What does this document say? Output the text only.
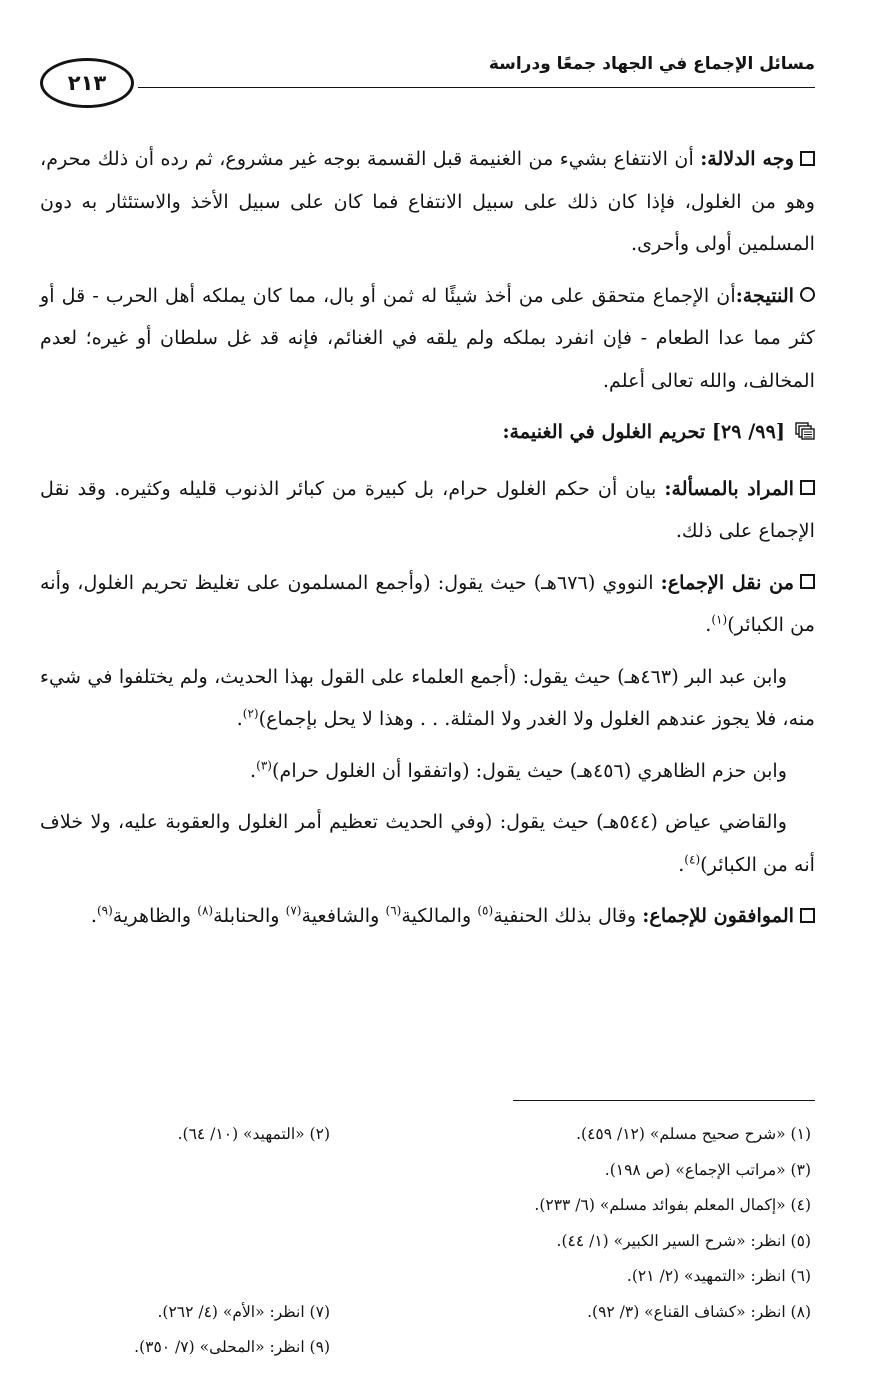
مسائل الإجماع في الجهاد جمعًا ودراسة
٢١٣

وجه الدلالة: أن الانتفاع بشيء من الغنيمة قبل القسمة بوجه غير مشروع، ثم رده أن ذلك محرم، وهو من الغلول، فإذا كان ذلك على سبيل الانتفاع فما كان على سبيل الأخذ والاستئثار به دون المسلمين أولى وأحرى.

النتيجة:أن الإجماع متحقق على من أخذ شيئًا له ثمن أو بال، مما كان يملكه أهل الحرب - قل أو كثر مما عدا الطعام - فإن انفرد بملكه ولم يلقه في الغنائم، فإنه قد غل سلطان أو غيره؛ لعدم المخالف، والله تعالى أعلم.

[٩٩/ ٢٩] تحريم الغلول في الغنيمة:

المراد بالمسألة: بيان أن حكم الغلول حرام، بل كبيرة من كبائر الذنوب قليله وكثيره. وقد نقل الإجماع على ذلك.

من نقل الإجماع: النووي (٦٧٦هـ) حيث يقول: (وأجمع المسلمون على تغليظ تحريم الغلول، وأنه من الكبائر)$^{(١)}$.

وابن عبد البر (٤٦٣هـ) حيث يقول: (أجمع العلماء على القول بهذا الحديث، ولم يختلفوا في شيء منه، فلا يجوز عندهم الغلول ولا الغدر ولا المثلة. . . وهذا لا يحل بإجماع)$^{(٢)}$.

وابن حزم الظاهري (٤٥٦هـ) حيث يقول: (واتفقوا أن الغلول حرام)$^{(٣)}$.

والقاضي عياض (٥٤٤هـ) حيث يقول: (وفي الحديث تعظيم أمر الغلول والعقوبة عليه، ولا خلاف أنه من الكبائر)$^{(٤)}$.

الموافقون للإجماع: وقال بذلك الحنفية$^{(٥)}$ والمالكية$^{(٦)}$ والشافعية$^{(٧)}$ والحنابلة$^{(٨)}$ والظاهرية$^{(٩)}$.

(١) «شرح صحيح مسلم» (١٢/ ٤٥٩).
(٣) «مراتب الإجماع» (ص ١٩٨).
(٤) «إكمال المعلم بفوائد مسلم» (٦/ ٢٣٣).
(٥) انظر: «شرح السير الكبير» (١/ ٤٤).
(٦) انظر: «التمهيد» (٢/ ٢١).
(٨) انظر: «كشاف القناع» (٣/ ٩٢).
(٢) «التمهيد» (١٠/ ٦٤).
(٧) انظر: «الأم» (٤/ ٢٦٢).
(٩) انظر: «المحلى» (٧/ ٣٥٠).
